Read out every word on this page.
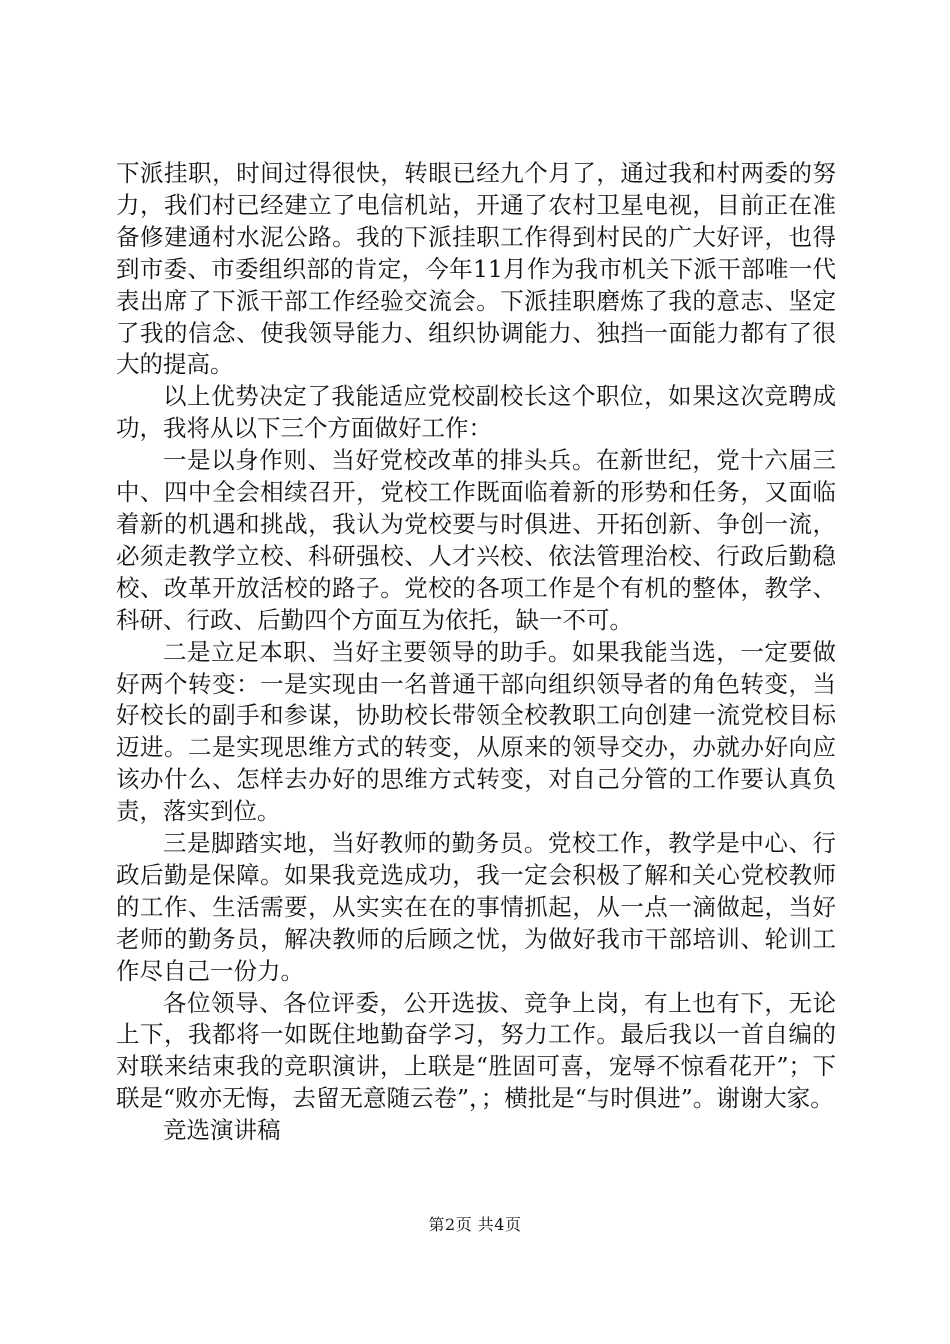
下派挂职，时间过得很快，转眼已经九个月了，通过我和村两委的努力，我们村已经建立了电信机站，开通了农村卫星电视，目前正在准备修建通村水泥公路。我的下派挂职工作得到村民的广大好评，也得到市委、市委组织部的肯定，今年11月作为我市机关下派干部唯一代表出席了下派干部工作经验交流会。下派挂职磨炼了我的意志、坚定了我的信念、使我领导能力、组织协调能力、独挡一面能力都有了很大的提高。

以上优势决定了我能适应党校副校长这个职位，如果这次竞聘成功，我将从以下三个方面做好工作：

一是以身作则、当好党校改革的排头兵。在新世纪，党十六届三中、四中全会相续召开，党校工作既面临着新的形势和任务，又面临着新的机遇和挑战，我认为党校要与时俱进、开拓创新、争创一流，必须走教学立校、科研强校、人才兴校、依法管理治校、行政后勤稳校、改革开放活校的路子。党校的各项工作是个有机的整体，教学、科研、行政、后勤四个方面互为依托，缺一不可。

二是立足本职、当好主要领导的助手。如果我能当选，一定要做好两个转变：一是实现由一名普通干部向组织领导者的角色转变，当好校长的副手和参谋，协助校长带领全校教职工向创建一流党校目标迈进。二是实现思维方式的转变，从原来的领导交办，办就办好向应该办什么、怎样去办好的思维方式转变，对自己分管的工作要认真负责，落实到位。

三是脚踏实地，当好教师的勤务员。党校工作，教学是中心、行政后勤是保障。如果我竞选成功，我一定会积极了解和关心党校教师的工作、生活需要，从实实在在的事情抓起，从一点一滴做起，当好老师的勤务员，解决教师的后顾之忧，为做好我市干部培训、轮训工作尽自己一份力。

各位领导、各位评委，公开选拔、竞争上岗，有上也有下，无论上下，我都将一如既住地勤奋学习，努力工作。最后我以一首自编的对联来结束我的竞职演讲，上联是“胜固可喜，宠辱不惊看花开”；下联是“败亦无悔，去留无意随云卷”，；横批是“与时俱进”。谢谢大家。

竞选演讲稿

第2页 共4页
